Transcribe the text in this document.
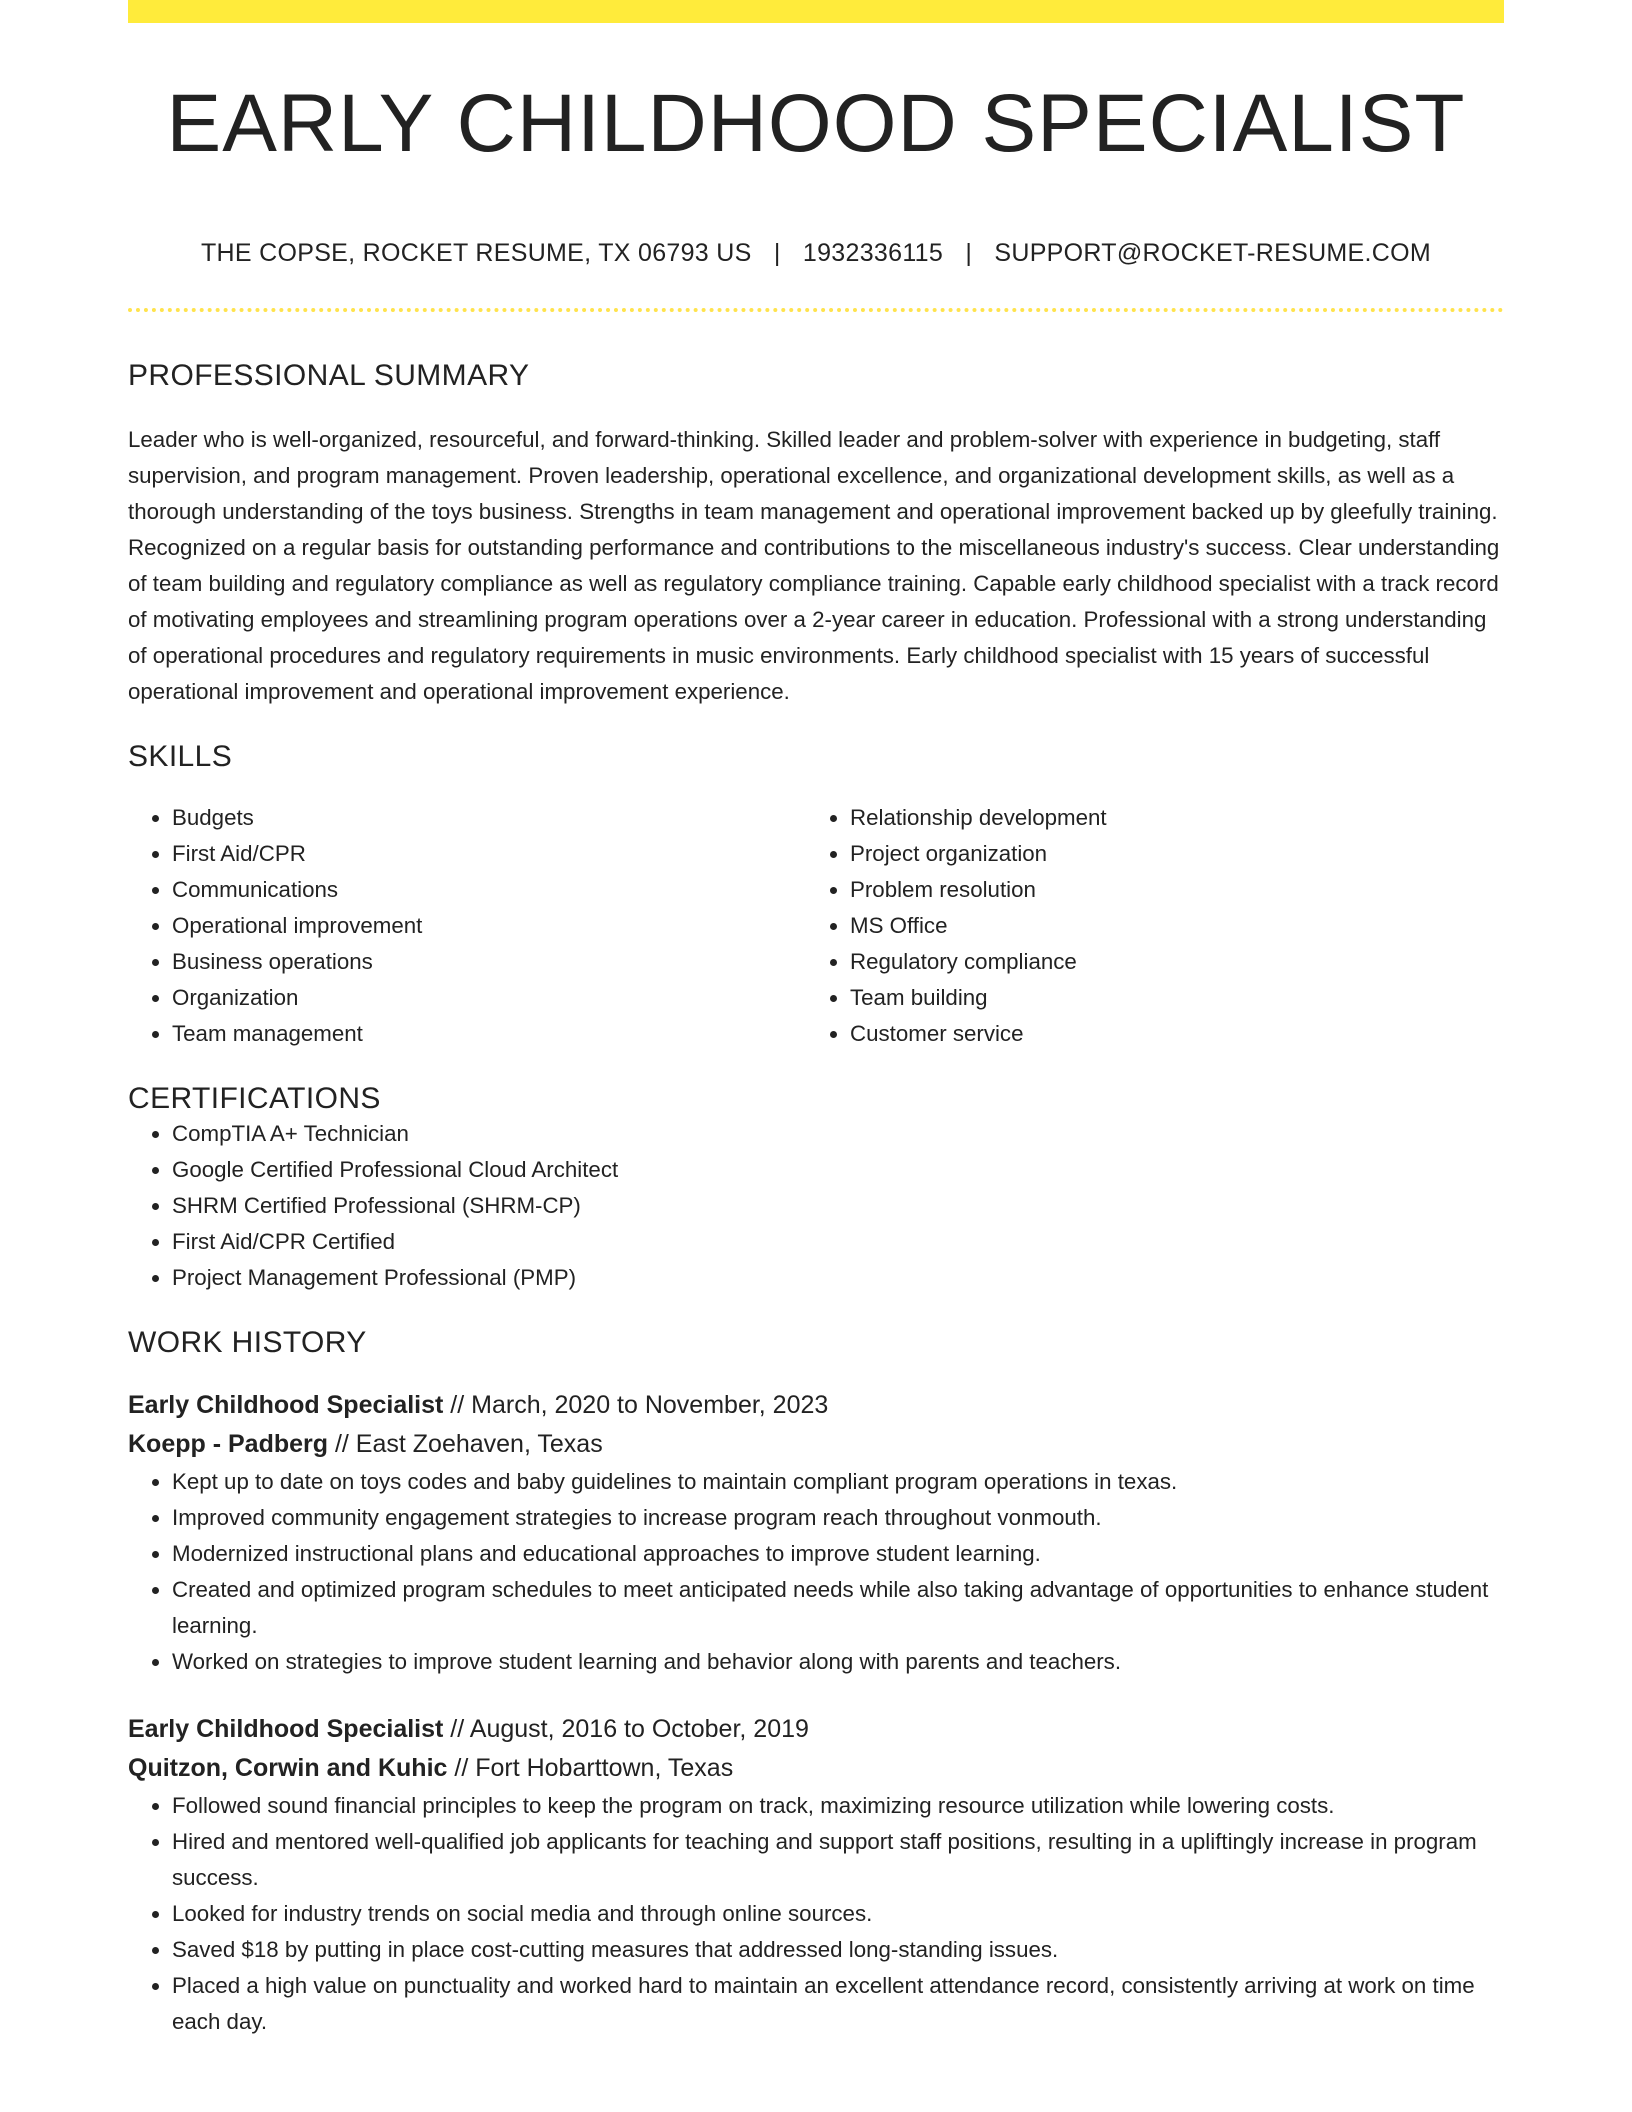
EARLY CHILDHOOD SPECIALIST
THE COPSE, ROCKET RESUME, TX 06793 US | 1932336115 | SUPPORT@ROCKET-RESUME.COM
PROFESSIONAL SUMMARY
Leader who is well-organized, resourceful, and forward-thinking. Skilled leader and problem-solver with experience in budgeting, staff supervision, and program management. Proven leadership, operational excellence, and organizational development skills, as well as a thorough understanding of the toys business. Strengths in team management and operational improvement backed up by gleefully training. Recognized on a regular basis for outstanding performance and contributions to the miscellaneous industry's success. Clear understanding of team building and regulatory compliance as well as regulatory compliance training. Capable early childhood specialist with a track record of motivating employees and streamlining program operations over a 2-year career in education. Professional with a strong understanding of operational procedures and regulatory requirements in music environments. Early childhood specialist with 15 years of successful operational improvement and operational improvement experience.
SKILLS
• Budgets
• First Aid/CPR
• Communications
• Operational improvement
• Business operations
• Organization
• Team management
• Relationship development
• Project organization
• Problem resolution
• MS Office
• Regulatory compliance
• Team building
• Customer service
CERTIFICATIONS
• CompTIA A+ Technician
• Google Certified Professional Cloud Architect
• SHRM Certified Professional (SHRM-CP)
• First Aid/CPR Certified
• Project Management Professional (PMP)
WORK HISTORY
Early Childhood Specialist // March, 2020 to November, 2023
Koepp - Padberg // East Zoehaven, Texas
• Kept up to date on toys codes and baby guidelines to maintain compliant program operations in texas.
• Improved community engagement strategies to increase program reach throughout vonmouth.
• Modernized instructional plans and educational approaches to improve student learning.
• Created and optimized program schedules to meet anticipated needs while also taking advantage of opportunities to enhance student learning.
• Worked on strategies to improve student learning and behavior along with parents and teachers.
Early Childhood Specialist // August, 2016 to October, 2019
Quitzon, Corwin and Kuhic // Fort Hobarttown, Texas
• Followed sound financial principles to keep the program on track, maximizing resource utilization while lowering costs.
• Hired and mentored well-qualified job applicants for teaching and support staff positions, resulting in a upliftingly increase in program success.
• Looked for industry trends on social media and through online sources.
• Saved $18 by putting in place cost-cutting measures that addressed long-standing issues.
• Placed a high value on punctuality and worked hard to maintain an excellent attendance record, consistently arriving at work on time each day.
